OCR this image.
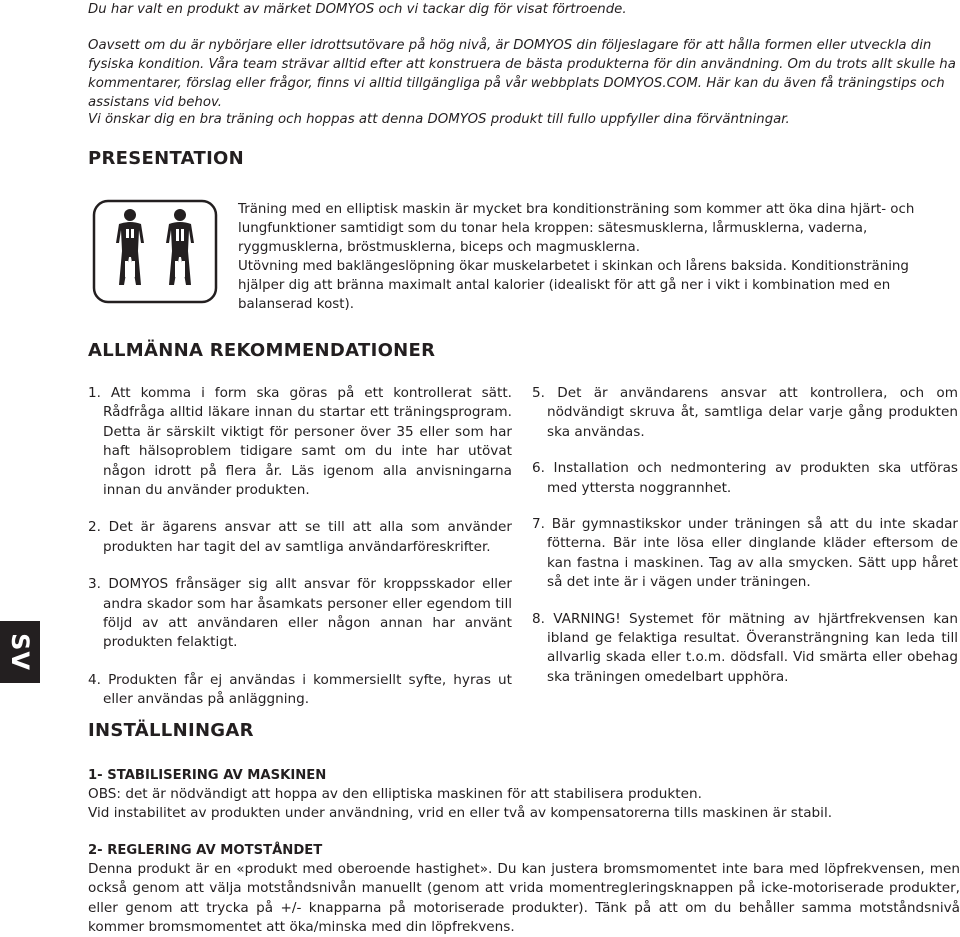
Du har valt en produkt av märket DOMYOS och vi tackar dig för visat förtroende.

Oavsett om du är nybörjare eller idrottsutövare på hög nivå, är DOMYOS din följeslagare för att hålla formen eller utveckla din fysiska kondition. Våra team strävar alltid efter att konstruera de bästa produkterna för din användning. Om du trots allt skulle ha kommentarer, förslag eller frågor, finns vi alltid tillgängliga på vår webbplats DOMYOS.COM. Här kan du även få träningstips och assistans vid behov.

Vi önskar dig en bra träning och hoppas att denna DOMYOS produkt till fullo uppfyller dina förväntningar.

PRESENTATION

Träning med en elliptisk maskin är mycket bra konditionsträning som kommer att öka dina hjärt- och lungfunktioner samtidigt som du tonar hela kroppen: sätesmusklerna, lårmusklerna, vaderna, ryggmusklerna, bröstmusklerna, biceps och magmusklerna.

Utövning med baklängeslöpning ökar muskelarbetet i skinkan och lårens baksida. Konditionsträning hjälper dig att bränna maximalt antal kalorier (idealiskt för att gå ner i vikt i kombination med en balanserad kost).

ALLMÄNNA REKOMMENDATIONER

1. Att komma i form ska göras på ett kontrollerat sätt. Rådfråga alltid läkare innan du startar ett träningsprogram. Detta är särskilt viktigt för personer över 35 eller som har haft hälsoproblem tidigare samt om du inte har utövat någon idrott på flera år. Läs igenom alla anvisningarna innan du använder produkten.

2. Det är ägarens ansvar att se till att alla som använder produkten har tagit del av samtliga användarföreskrifter.

3. DOMYOS frånsäger sig allt ansvar för kroppsskador eller andra skador som har åsamkats personer eller egendom till följd av att användaren eller någon annan har använt produkten felaktigt.

4. Produkten får ej användas i kommersiellt syfte, hyras ut eller användas på anläggning.

5. Det är användarens ansvar att kontrollera, och om nödvändigt skruva åt, samtliga delar varje gång produkten ska användas.

6. Installation och nedmontering av produkten ska utföras med yttersta noggrannhet.

7. Bär gymnastikskor under träningen så att du inte skadar fötterna. Bär inte lösa eller dinglande kläder eftersom de kan fastna i maskinen. Tag av alla smycken. Sätt upp håret så det inte är i vägen under träningen.

8. VARNING! Systemet för mätning av hjärtfrekvensen kan ibland ge felaktiga resultat. Överansträngning kan leda till allvarlig skada eller t.o.m. dödsfall. Vid smärta eller obehag ska träningen omedelbart upphöra.

SV
INSTÄLLNINGAR
1- STABILISERING AV MASKINEN

OBS: det är nödvändigt att hoppa av den elliptiska maskinen för att stabilisera produkten.

Vid instabilitet av produkten under användning, vrid en eller två av kompensatorerna tills maskinen är stabil.

2- REGLERING AV MOTSTÅNDET

Denna produkt är en «produkt med oberoende hastighet». Du kan justera bromsmomentet inte bara med löpfrekvensen, men också genom att välja motståndsnivån manuellt (genom att vrida momentregleringsknappen på icke-motoriserade produkter, eller genom att trycka på +/- knapparna på motoriserade produkter). Tänk på att om du behåller samma motståndsnivå kommer bromsmomentet att öka/minska med din löpfrekvens.
